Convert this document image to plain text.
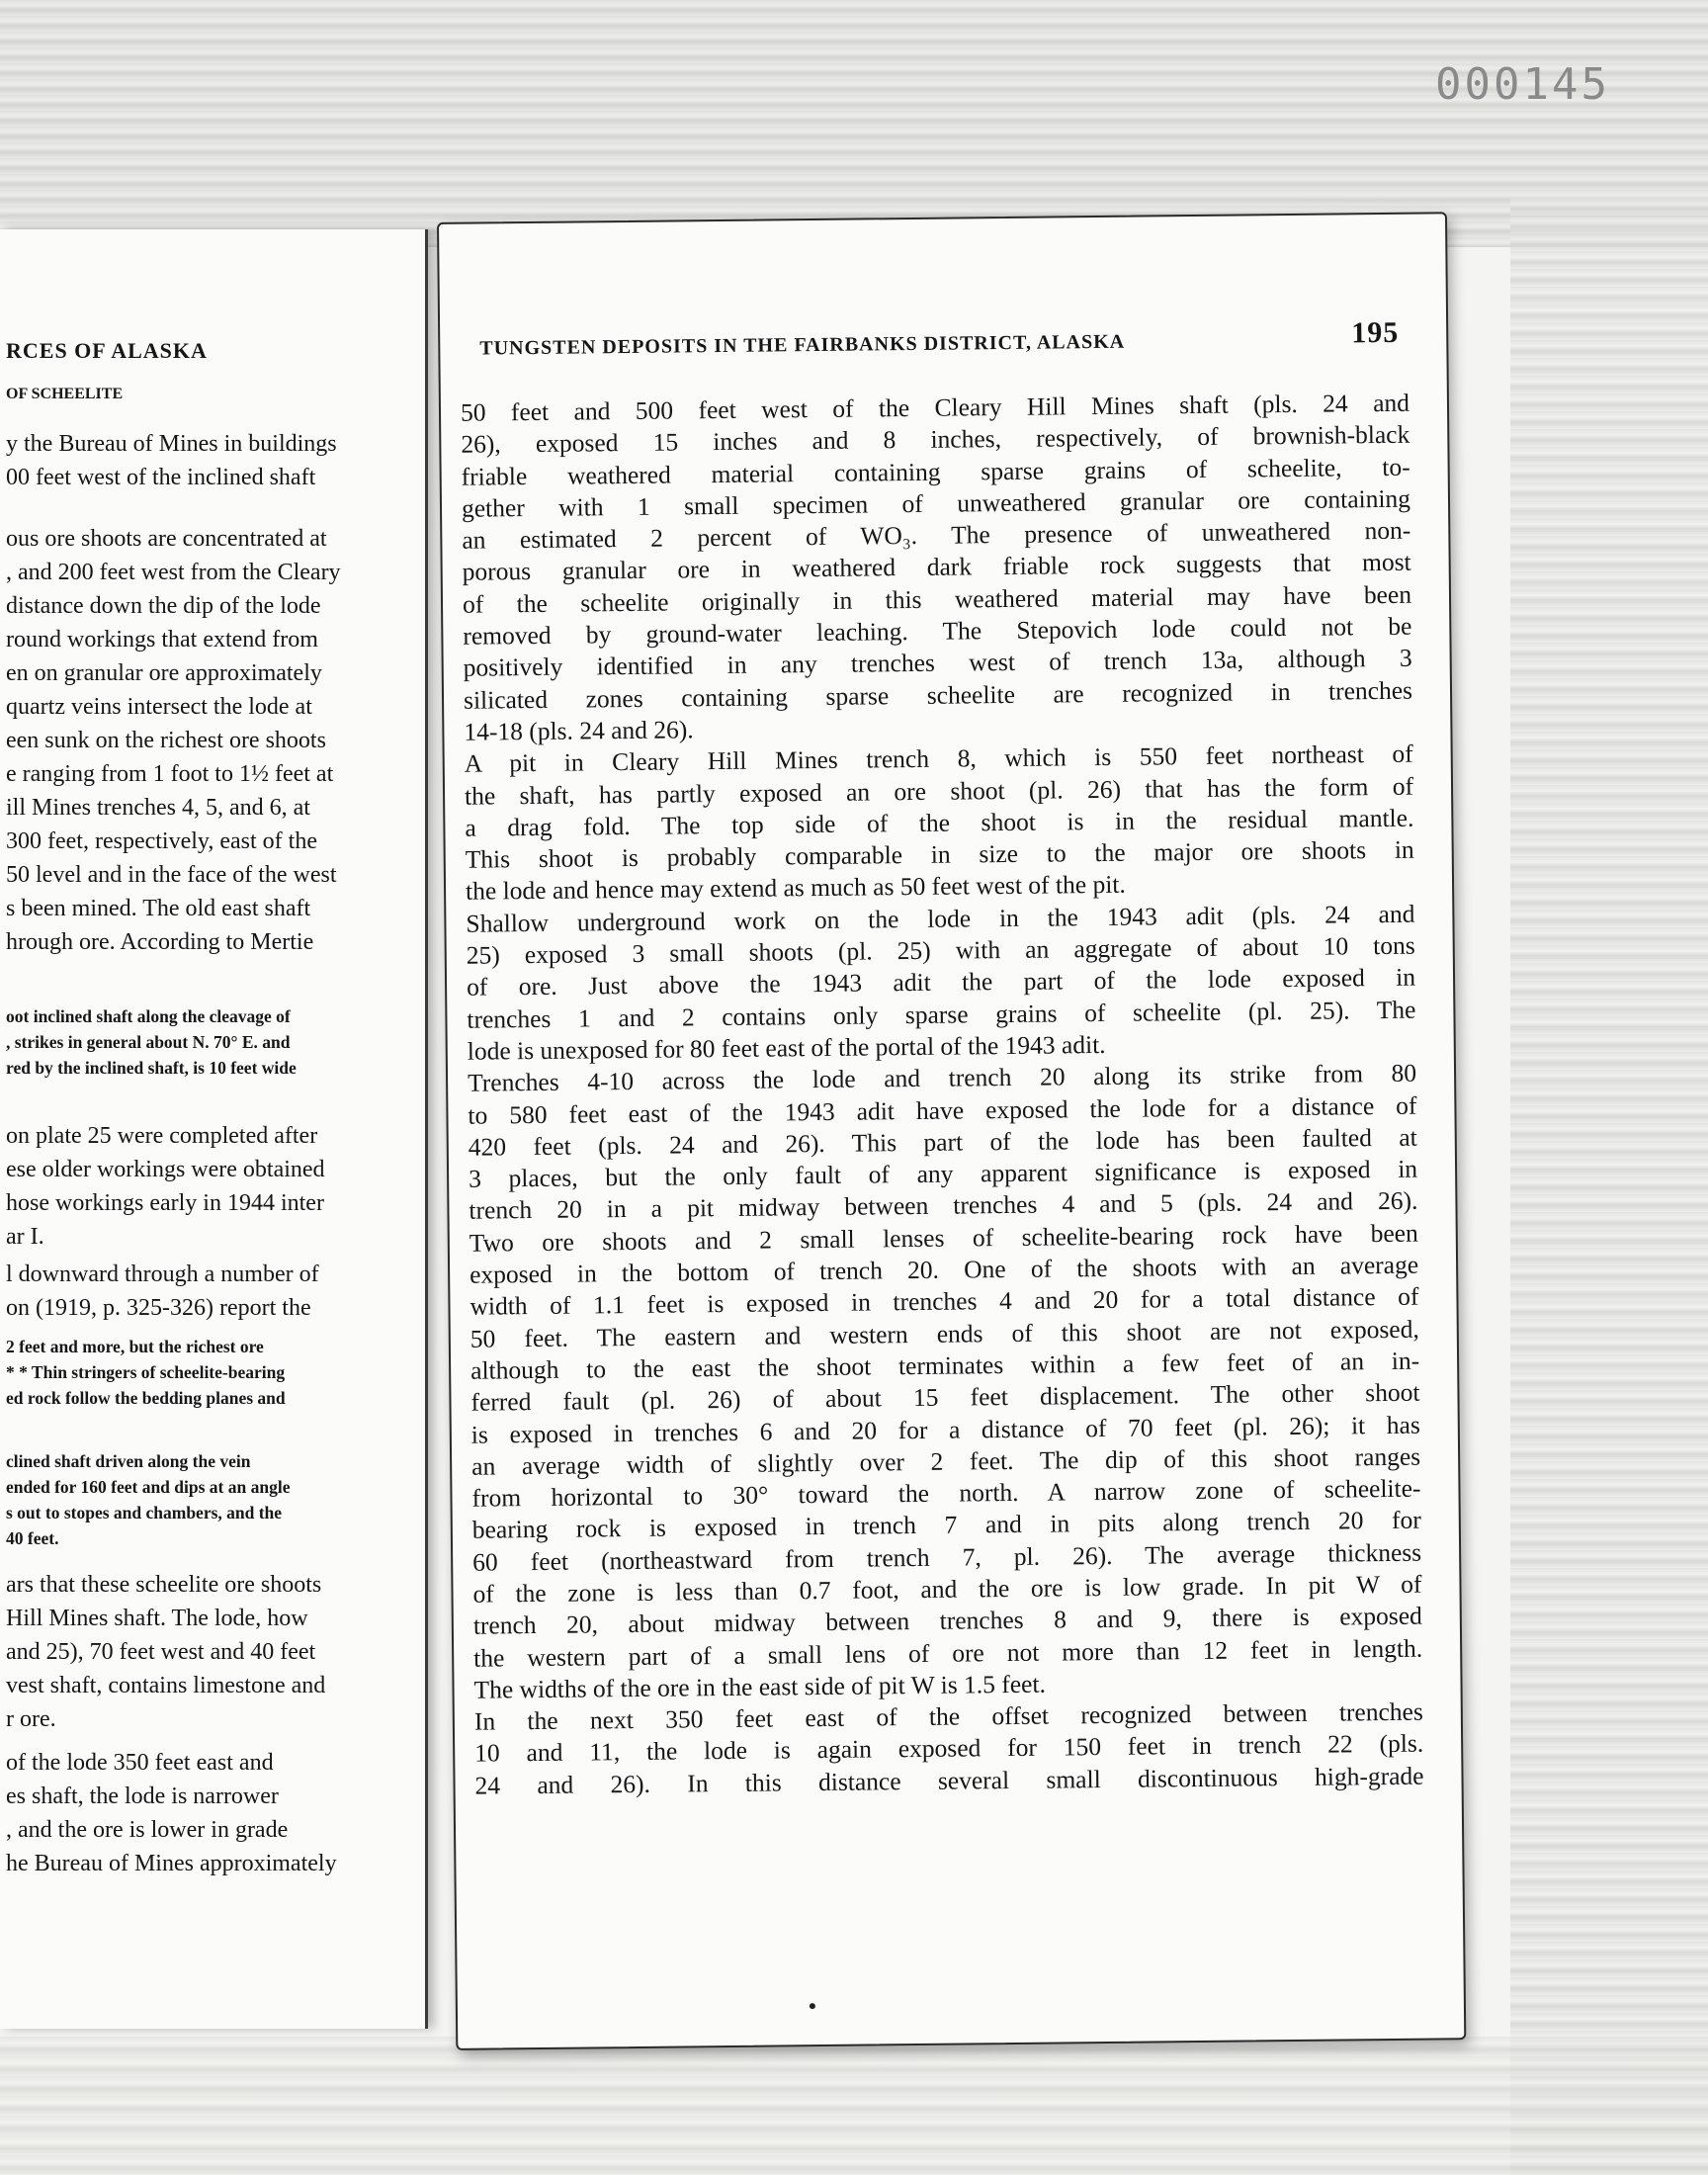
000145
RCES OF ALASKA
OF SCHEELITE
y the Bureau of Mines in buildings
00 feet west of the inclined shaft
ous ore shoots are concentrated at
, and 200 feet west from the Cleary
distance down the dip of the lode
round workings that extend from
en on granular ore approximately
quartz veins intersect the lode at
een sunk on the richest ore shoots
e ranging from 1 foot to 1½ feet at
ill Mines trenches 4, 5, and 6, at
300 feet, respectively, east of the
50 level and in the face of the west
s been mined. The old east shaft
hrough ore. According to Mertie
oot inclined shaft along the cleavage of
, strikes in general about N. 70° E. and
red by the inclined shaft, is 10 feet wide
on plate 25 were completed after
ese older workings were obtained
hose workings early in 1944 inter
ar I.
l downward through a number of
on (1919, p. 325-326) report the
2 feet and more, but the richest ore
* * Thin stringers of scheelite-bearing
ed rock follow the bedding planes and
clined shaft driven along the vein
ended for 160 feet and dips at an angle
s out to stopes and chambers, and the
40 feet.
ars that these scheelite ore shoots
Hill Mines shaft. The lode, how
and 25), 70 feet west and 40 feet
vest shaft, contains limestone and
r ore.
of the lode 350 feet east and
es shaft, the lode is narrower
, and the ore is lower in grade
he Bureau of Mines approximately
TUNGSTEN DEPOSITS IN THE FAIRBANKS DISTRICT, ALASKA	195
50 feet and 500 feet west of the Cleary Hill Mines shaft (pls. 24 and
26), exposed 15 inches and 8 inches, respectively, of brownish-black
friable weathered material containing sparse grains of scheelite, to-
gether with 1 small specimen of unweathered granular ore containing
an estimated 2 percent of WO₃. The presence of unweathered non-
porous granular ore in weathered dark friable rock suggests that most
of the scheelite originally in this weathered material may have been
removed by ground-water leaching. The Stepovich lode could not be
positively identified in any trenches west of trench 13a, although 3
silicated zones containing sparse scheelite are recognized in trenches
14-18 (pls. 24 and 26).
A pit in Cleary Hill Mines trench 8, which is 550 feet northeast of
the shaft, has partly exposed an ore shoot (pl. 26) that has the form of
a drag fold. The top side of the shoot is in the residual mantle.
This shoot is probably comparable in size to the major ore shoots in
the lode and hence may extend as much as 50 feet west of the pit.
Shallow underground work on the lode in the 1943 adit (pls. 24 and
25) exposed 3 small shoots (pl. 25) with an aggregate of about 10 tons
of ore. Just above the 1943 adit the part of the lode exposed in
trenches 1 and 2 contains only sparse grains of scheelite (pl. 25). The
lode is unexposed for 80 feet east of the portal of the 1943 adit.
Trenches 4-10 across the lode and trench 20 along its strike from 80
to 580 feet east of the 1943 adit have exposed the lode for a distance of
420 feet (pls. 24 and 26). This part of the lode has been faulted at
3 places, but the only fault of any apparent significance is exposed in
trench 20 in a pit midway between trenches 4 and 5 (pls. 24 and 26).
Two ore shoots and 2 small lenses of scheelite-bearing rock have been
exposed in the bottom of trench 20. One of the shoots with an average
width of 1.1 feet is exposed in trenches 4 and 20 for a total distance of
50 feet. The eastern and western ends of this shoot are not exposed,
although to the east the shoot terminates within a few feet of an in-
ferred fault (pl. 26) of about 15 feet displacement. The other shoot
is exposed in trenches 6 and 20 for a distance of 70 feet (pl. 26); it has
an average width of slightly over 2 feet. The dip of this shoot ranges
from horizontal to 30° toward the north. A narrow zone of scheelite-
bearing rock is exposed in trench 7 and in pits along trench 20 for
60 feet (northeastward from trench 7, pl. 26). The average thickness
of the zone is less than 0.7 foot, and the ore is low grade. In pit W of
trench 20, about midway between trenches 8 and 9, there is exposed
the western part of a small lens of ore not more than 12 feet in length.
The widths of the ore in the east side of pit W is 1.5 feet.
In the next 350 feet east of the offset recognized between trenches
10 and 11, the lode is again exposed for 150 feet in trench 22 (pls.
24 and 26). In this distance several small discontinuous high-grade
